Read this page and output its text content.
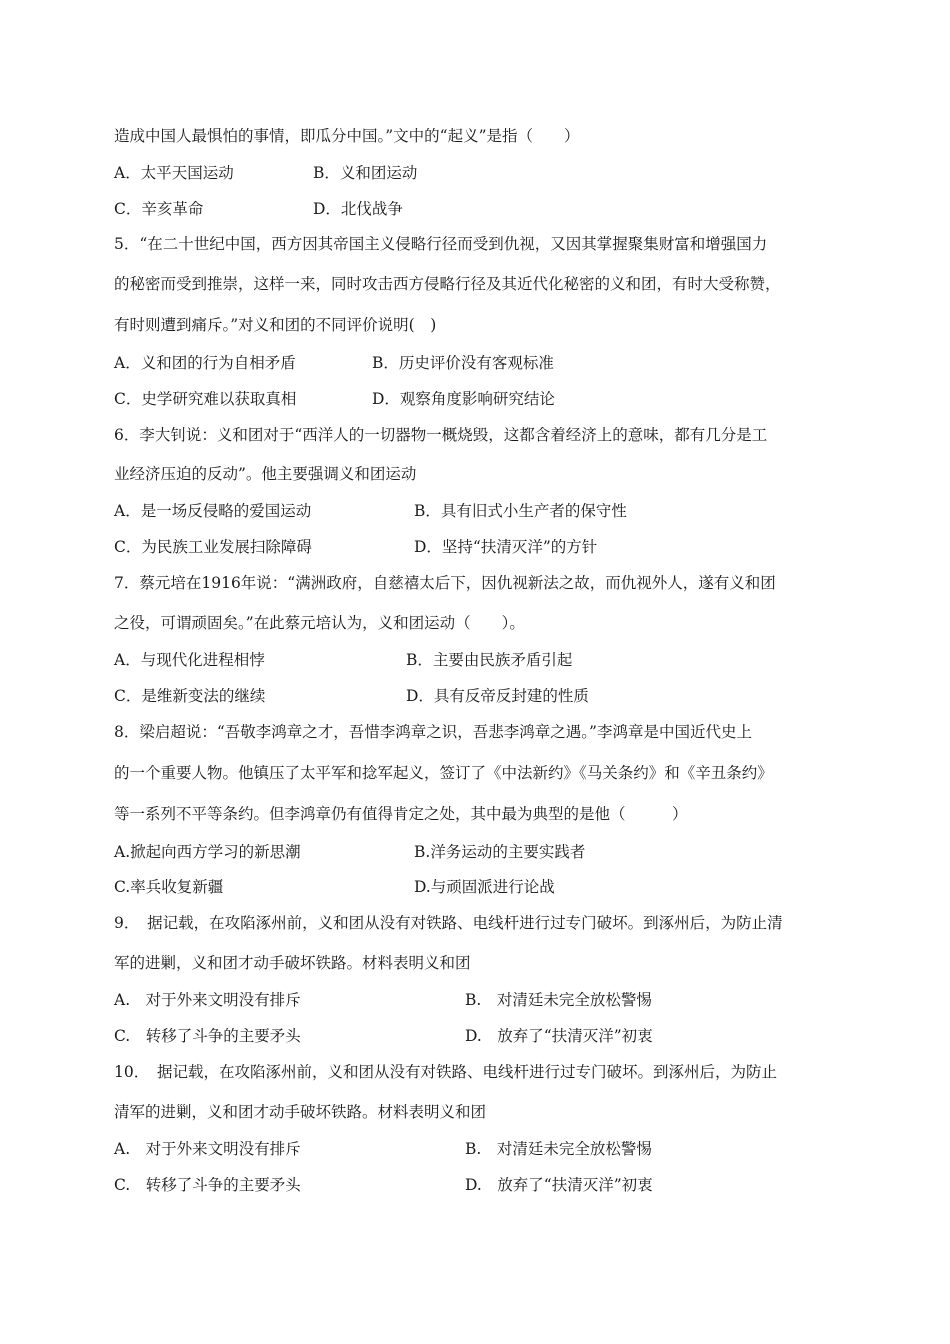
造成中国人最惧怕的事情，即瓜分中国。”文中的“起义”是指（　　）
A．太平天国运动	B．义和团运动
C．辛亥革命	D．北伐战争
5．“在二十世纪中国，西方因其帝国主义侵略行径而受到仇视，又因其掌握聚集财富和增强国力
的秘密而受到推崇，这样一来，同时攻击西方侵略行径及其近代化秘密的义和团，有时大受称赞，
有时则遭到痛斥。”对义和团的不同评价说明(　)
A．义和团的行为自相矛盾	B．历史评价没有客观标准
C．史学研究难以获取真相	D．观察角度影响研究结论
6．李大钊说：义和团对于“西洋人的一切器物一概烧毁，这都含着经济上的意味，都有几分是工
业经济压迫的反动”。他主要强调义和团运动
A．是一场反侵略的爱国运动	B．具有旧式小生产者的保守性
C．为民族工业发展扫除障碍	D．坚持“扶清灭洋”的方针
7．蔡元培在1916年说：“满洲政府，自慈禧太后下，因仇视新法之故，而仇视外人，遂有义和团
之役，可谓顽固矣。”在此蔡元培认为，义和团运动（　　）。
A．与现代化进程相悖	B．主要由民族矛盾引起
C．是维新变法的继续	D．具有反帝反封建的性质
8．梁启超说：“吾敬李鸿章之才，吾惜李鸿章之识，吾悲李鸿章之遇。”李鸿章是中国近代史上
的一个重要人物。他镇压了太平军和捻军起义，签订了《中法新约》《马关条约》和《辛丑条约》
等一系列不平等条约。但李鸿章仍有值得肯定之处，其中最为典型的是他（　　　）
A.掀起向西方学习的新思潮	B.洋务运动的主要实践者
C.率兵收复新疆	D.与顽固派进行论战
9．　据记载，在攻陷涿州前，义和团从没有对铁路、电线杆进行过专门破坏。到涿州后，为防止清
军的进剿，义和团才动手破坏铁路。材料表明义和团
A.　对于外来文明没有排斥	B.　对清廷未完全放松警惕
C.　转移了斗争的主要矛头	D.　放弃了“扶清灭洋”初衷
10．　据记载，在攻陷涿州前，义和团从没有对铁路、电线杆进行过专门破坏。到涿州后，为防止
清军的进剿，义和团才动手破坏铁路。材料表明义和团
A.　对于外来文明没有排斥	B.　对清廷未完全放松警惕
C.　转移了斗争的主要矛头	D.　放弃了“扶清灭洋”初衷
